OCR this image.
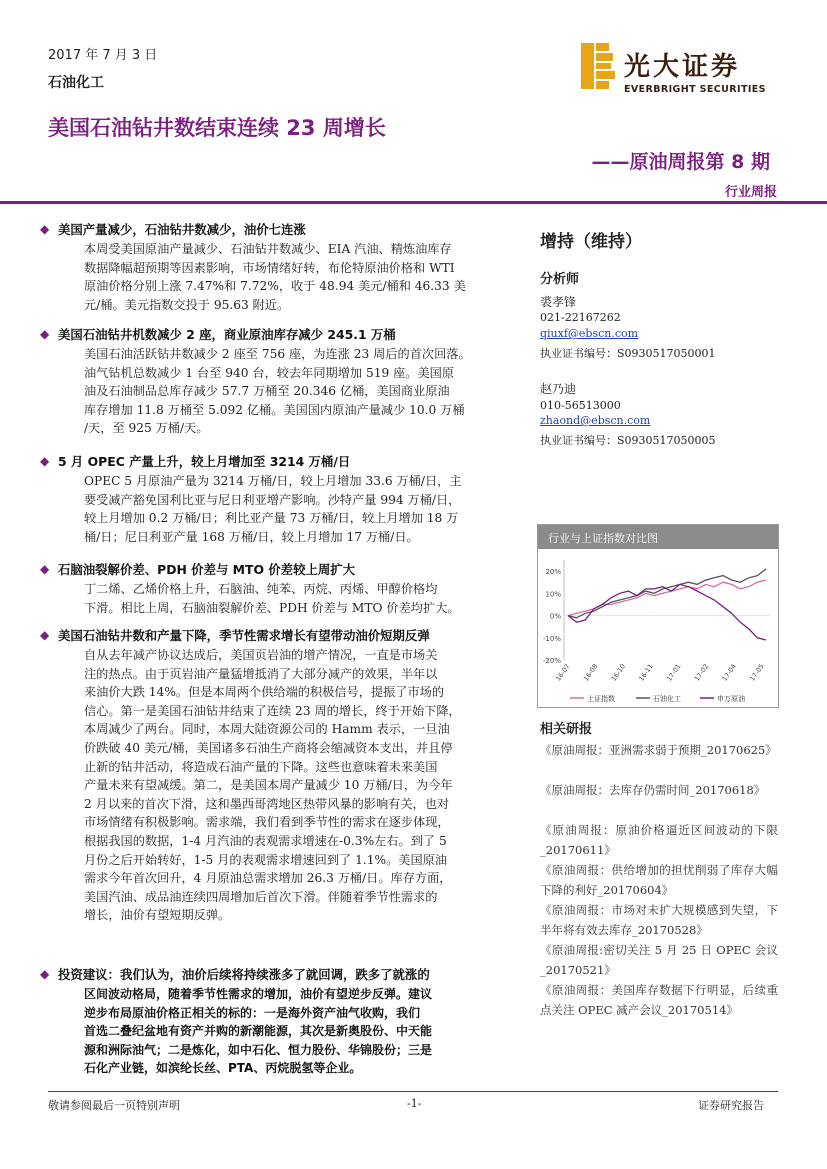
2017 年 7 月 3 日
石油化工
美国石油钻井数结束连续 23 周增长
——原油周报第 8 期
行业周报
光大证券
EVERBRIGHT SECURITIES
◆ 美国产量减少，石油钻井数减少，油价七连涨
本周受美国原油产量减少、石油钻井数减少、EIA 汽油、精炼油库存
数据降幅超预期等因素影响，市场情绪好转，布伦特原油价格和 WTI
原油价格分别上涨 7.47%和 7.72%，收于 48.94 美元/桶和 46.33 美
元/桶。美元指数交投于 95.63 附近。
◆ 美国石油钻井机数减少 2 座，商业原油库存减少 245.1 万桶
美国石油活跃钻井数减少 2 座至 756 座，为连涨 23 周后的首次回落。
油气钻机总数减少 1 台至 940 台，较去年同期增加 519 座。美国原
油及石油制品总库存减少 57.7 万桶至 20.346 亿桶，美国商业原油
库存增加 11.8 万桶至 5.092 亿桶。美国国内原油产量减少 10.0 万桶
/天，至 925 万桶/天。
◆ 5 月 OPEC 产量上升，较上月增加至 3214 万桶/日
OPEC 5 月原油产量为 3214 万桶/日，较上月增加 33.6 万桶/日，主
要受减产豁免国利比亚与尼日利亚增产影响。沙特产量 994 万桶/日，
较上月增加 0.2 万桶/日；利比亚产量 73 万桶/日，较上月增加 18 万
桶/日；尼日利亚产量 168 万桶/日，较上月增加 17 万桶/日。
◆ 石脑油裂解价差、PDH 价差与 MTO 价差较上周扩大
丁二烯、乙烯价格上升，石脑油、纯苯、丙烷、丙烯、甲醇价格均
下滑。相比上周，石脑油裂解价差、PDH 价差与 MTO 价差均扩大。
◆ 美国石油钻井数和产量下降，季节性需求增长有望带动油价短期反弹
自从去年减产协议达成后，美国页岩油的增产情况，一直是市场关
注的热点。由于页岩油产量猛增抵消了大部分减产的效果，半年以
来油价大跌 14%。但是本周两个供给端的积极信号，提振了市场的
信心。第一是美国石油钻井结束了连续 23 周的增长，终于开始下降，
本周减少了两台。同时，本周大陆资源公司的 Hamm 表示，一旦油
价跌破 40 美元/桶，美国诸多石油生产商将会缩减资本支出，并且停
止新的钻井活动，将造成石油产量的下降。这些也意味着未来美国
产量未来有望减缓。第二，是美国本周产量减少 10 万桶/日，为今年
2 月以来的首次下滑，这和墨西哥湾地区热带风暴的影响有关，也对
市场情绪有积极影响。需求端，我们看到季节性的需求在逐步体现，
根据我国的数据，1-4 月汽油的表观需求增速在-0.3%左右。到了 5
月份之后开始转好，1-5 月的表观需求增速回到了 1.1%。美国原油
需求今年首次回升，4 月原油总需求增加 26.3 万桶/日。库存方面，
美国汽油、成品油连续四周增加后首次下滑。伴随着季节性需求的
增长，油价有望短期反弹。
◆ 投资建议：我们认为，油价后续将持续涨多了就回调，跌多了就涨的
区间波动格局，随着季节性需求的增加，油价有望逆步反弹。建议
逆步布局原油价格正相关的标的：一是海外资产油气收购，我们
首选二叠纪盆地有资产并购的新潮能源，其次是新奥股份、中天能
源和洲际油气；二是炼化，如中石化、恒力股份、华锦股份；三是
石化产业链，如滨纶长丝、PTA、丙烷脱氢等企业。
增持（维持）
分析师
裘孝锋
021-22167262
qiuxf@ebscn.com
执业证书编号：S0930517050001
赵乃迪
010-56513000
zhaond@ebscn.com
执业证书编号：S0930517050005
行业与上证指数对比图
20%
10%
0%
-10%
-20%
16-07 16-08 16-10 16-11 17-01 17-02 17-04 17-05
上证指数	石油化工	申万原油
相关研报
《原油周报：亚洲需求弱于预期_20170625》
《原油周报：去库存仍需时间_20170618》
《原油周报：原油价格逼近区间波动的下限_20170611》
《原油周报：供给增加的担忧削弱了库存大幅下降的利好_20170604》
《原油周报：市场对未扩大规模感到失望，下半年将有效去库存_20170528》
《原油周报:密切关注 5 月 25 日 OPEC 会议_20170521》
《原油周报：美国库存数据下行明显，后续重点关注 OPEC 减产会议_20170514》
敬请参阅最后一页特别声明	-1-	证券研究报告
